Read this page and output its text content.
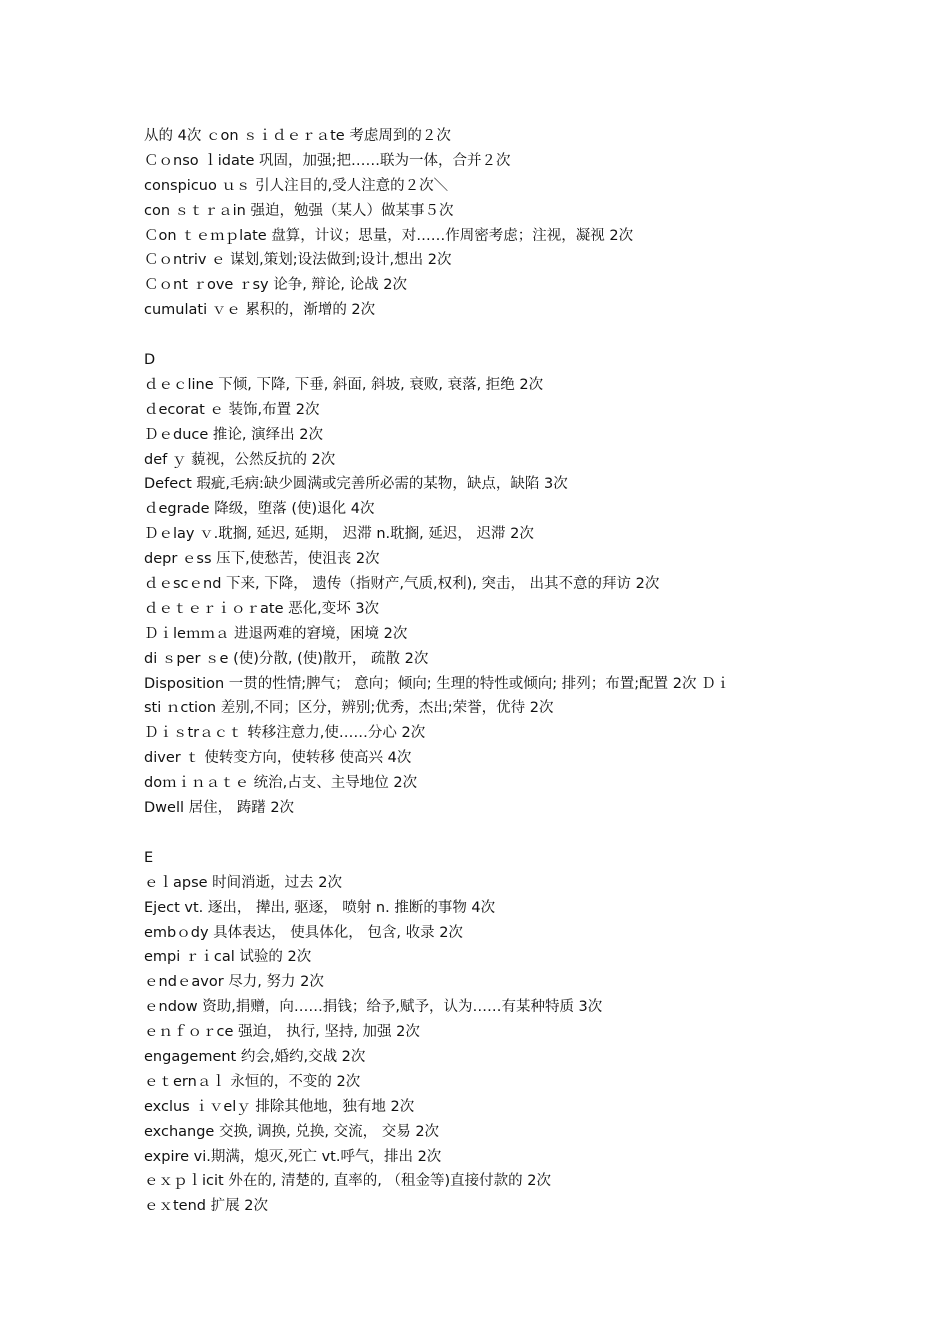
从的 4次 ｃon ｓｉｄｅｒａte 考虑周到的２次
Ｃｏnso ｌidate 巩固，加强;把……联为一体，合并２次
conspicuo ｕｓ 引人注目的,受人注意的２次＼
con ｓｔｒａin 强迫，勉强（某人）做某事５次
Ｃon ｔｅｍｐlate 盘算，计议；思量，对……作周密考虑；注视，凝视 2次
Ｃｏntriv ｅ 谋划,策划;设法做到;设计,想出 2次
Ｃｏnt ｒove ｒsy 论争, 辩论, 论战 2次
cumulati ｖｅ 累积的，渐增的 2次
D
ｄｅｃline 下倾, 下降, 下垂, 斜面, 斜坡, 衰败, 衰落, 拒绝 2次
ｄecorat ｅ 装饰,布置 2次
Ｄｅduce 推论, 演绎出 2次
def ｙ 藐视，公然反抗的 2次
Defect 瑕疵,毛病:缺少圆满或完善所必需的某物，缺点，缺陷 3次
ｄegrade 降级，堕落 (使)退化 4次
Ｄｅlay ｖ.耽搁, 延迟, 延期， 迟滞 n.耽搁, 延迟， 迟滞 2次
depr ｅss 压下,使愁苦，使沮丧 2次
ｄｅscｅnd 下来, 下降， 遗传（指财产,气质,权利), 突击， 出其不意的拜访 2次
ｄｅｔｅｒｉｏｒate 恶化,变坏 3次
Ｄｉleｍｍａ 进退两难的窘境，困境 2次
di ｓper ｓe (使)分散, (使)散开， 疏散 2次
Disposition 一贯的性情;脾气； 意向；倾向; 生理的特性或倾向; 排列；布置;配置 2次 Ｄｉ
sti ｎction 差别,不同；区分，辨别;优秀，杰出;荣誉，优待 2次
Ｄｉｓtrａｃｔ 转移注意力,使……分心 2次
diver ｔ 使转变方向，使转移 使高兴 4次
doｍｉｎａｔｅ 统治,占支、主导地位 2次
Dwell 居住， 踌躇 2次
E
ｅｌapse 时间消逝，过去 2次
Eject vt. 逐出， 撵出, 驱逐， 喷射 n. 推断的事物 4次
embｏdy 具体表达， 使具体化， 包含, 收录 2次
empi ｒｉcal 试验的 2次
ｅndｅavor 尽力, 努力 2次
ｅndow 资助,捐赠，向……捐钱；给予,赋予，认为……有某种特质 3次
ｅｎｆｏｒce 强迫， 执行, 坚持, 加强 2次
engagement 约会,婚约,交战 2次
ｅｔernａｌ 永恒的，不变的 2次
exclus ｉｖelｙ 排除其他地，独有地 2次
exchange 交换, 调换, 兑换, 交流， 交易 2次
expire vi.期满，熄灭,死亡 vt.呼气，排出 2次
ｅｘｐｌicit 外在的, 清楚的, 直率的, （租金等)直接付款的 2次
ｅｘtend 扩展 2次
